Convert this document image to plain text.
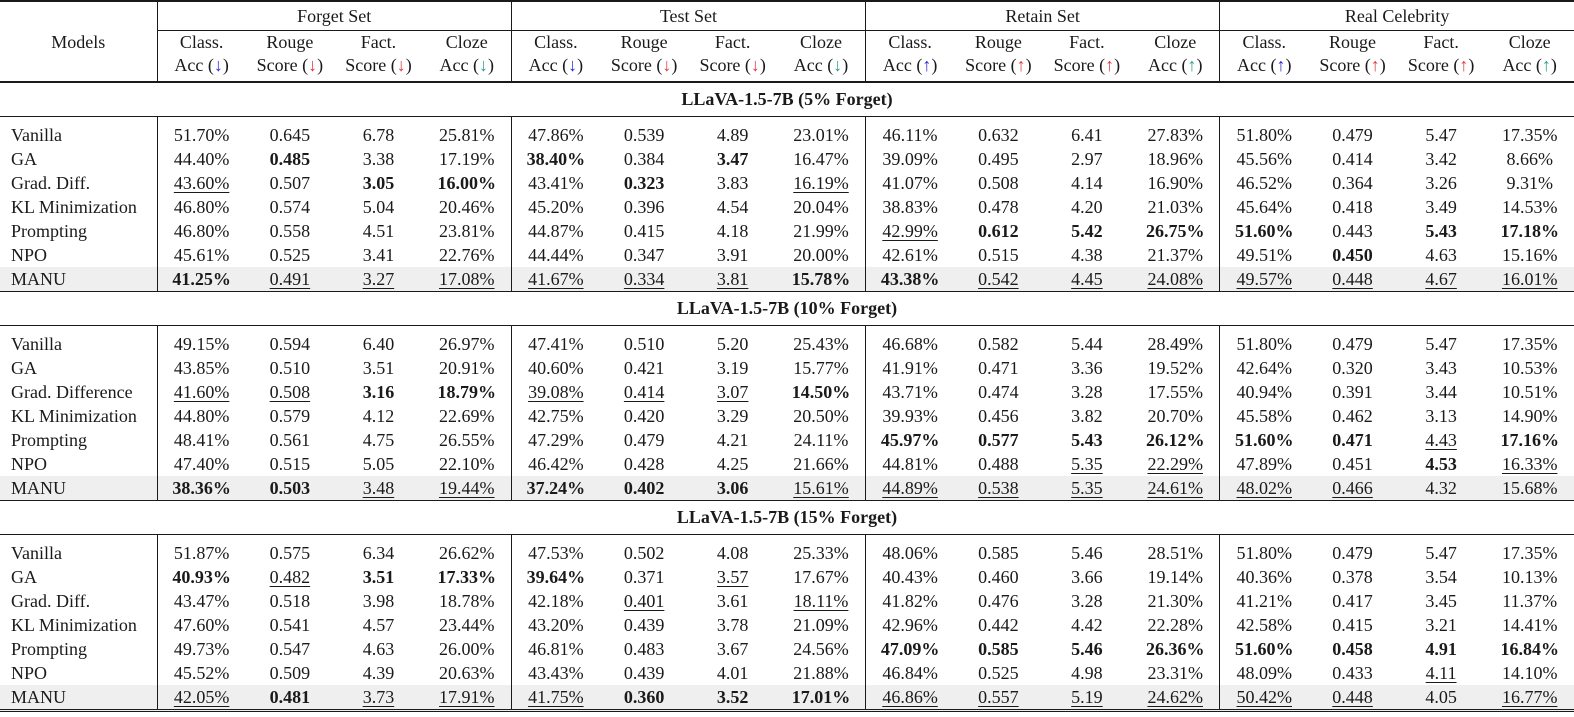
Models	Forget Set				Test Set				Retain Set				Real Celebrity			
	Class.	Rouge	Fact.	Cloze	Class.	Rouge	Fact.	Cloze	Class.	Rouge	Fact.	Cloze	Class.	Rouge	Fact.	Cloze
	Acc (↓)	Score (↓)	Score (↓)	Acc (↓)	Acc (↓)	Score (↓)	Score (↓)	Acc (↓)	Acc (↑)	Score (↑)	Score (↑)	Acc (↑)	Acc (↑)	Score (↑)	Score (↑)	Acc (↑)
LLaVA-1.5-7B (5% Forget)																
Vanilla	51.70%	0.645	6.78	25.81%	47.86%	0.539	4.89	23.01%	46.11%	0.632	6.41	27.83%	51.80%	0.479	5.47	17.35%
GA	44.40%	0.485	3.38	17.19%	38.40%	0.384	3.47	16.47%	39.09%	0.495	2.97	18.96%	45.56%	0.414	3.42	8.66%
Grad. Diff.	43.60%	0.507	3.05	16.00%	43.41%	0.323	3.83	16.19%	41.07%	0.508	4.14	16.90%	46.52%	0.364	3.26	9.31%
KL Minimization	46.80%	0.574	5.04	20.46%	45.20%	0.396	4.54	20.04%	38.83%	0.478	4.20	21.03%	45.64%	0.418	3.49	14.53%
Prompting	46.80%	0.558	4.51	23.81%	44.87%	0.415	4.18	21.99%	42.99%	0.612	5.42	26.75%	51.60%	0.443	5.43	17.18%
NPO	45.61%	0.525	3.41	22.76%	44.44%	0.347	3.91	20.00%	42.61%	0.515	4.38	21.37%	49.51%	0.450	4.63	15.16%
MANU	41.25%	0.491	3.27	17.08%	41.67%	0.334	3.81	15.78%	43.38%	0.542	4.45	24.08%	49.57%	0.448	4.67	16.01%
LLaVA-1.5-7B (10% Forget)																
Vanilla	49.15%	0.594	6.40	26.97%	47.41%	0.510	5.20	25.43%	46.68%	0.582	5.44	28.49%	51.80%	0.479	5.47	17.35%
GA	43.85%	0.510	3.51	20.91%	40.60%	0.421	3.19	15.77%	41.91%	0.471	3.36	19.52%	42.64%	0.320	3.43	10.53%
Grad. Difference	41.60%	0.508	3.16	18.79%	39.08%	0.414	3.07	14.50%	43.71%	0.474	3.28	17.55%	40.94%	0.391	3.44	10.51%
KL Minimization	44.80%	0.579	4.12	22.69%	42.75%	0.420	3.29	20.50%	39.93%	0.456	3.82	20.70%	45.58%	0.462	3.13	14.90%
Prompting	48.41%	0.561	4.75	26.55%	47.29%	0.479	4.21	24.11%	45.97%	0.577	5.43	26.12%	51.60%	0.471	4.43	17.16%
NPO	47.40%	0.515	5.05	22.10%	46.42%	0.428	4.25	21.66%	44.81%	0.488	5.35	22.29%	47.89%	0.451	4.53	16.33%
MANU	38.36%	0.503	3.48	19.44%	37.24%	0.402	3.06	15.61%	44.89%	0.538	5.35	24.61%	48.02%	0.466	4.32	15.68%
LLaVA-1.5-7B (15% Forget)																
Vanilla	51.87%	0.575	6.34	26.62%	47.53%	0.502	4.08	25.33%	48.06%	0.585	5.46	28.51%	51.80%	0.479	5.47	17.35%
GA	40.93%	0.482	3.51	17.33%	39.64%	0.371	3.57	17.67%	40.43%	0.460	3.66	19.14%	40.36%	0.378	3.54	10.13%
Grad. Diff.	43.47%	0.518	3.98	18.78%	42.18%	0.401	3.61	18.11%	41.82%	0.476	3.28	21.30%	41.21%	0.417	3.45	11.37%
KL Minimization	47.60%	0.541	4.57	23.44%	43.20%	0.439	3.78	21.09%	42.96%	0.442	4.42	22.28%	42.58%	0.415	3.21	14.41%
Prompting	49.73%	0.547	4.63	26.00%	46.81%	0.483	3.67	24.56%	47.09%	0.585	5.46	26.36%	51.60%	0.458	4.91	16.84%
NPO	45.52%	0.509	4.39	20.63%	43.43%	0.439	4.01	21.88%	46.84%	0.525	4.98	23.31%	48.09%	0.433	4.11	14.10%
MANU	42.05%	0.481	3.73	17.91%	41.75%	0.360	3.52	17.01%	46.86%	0.557	5.19	24.62%	50.42%	0.448	4.05	16.77%
